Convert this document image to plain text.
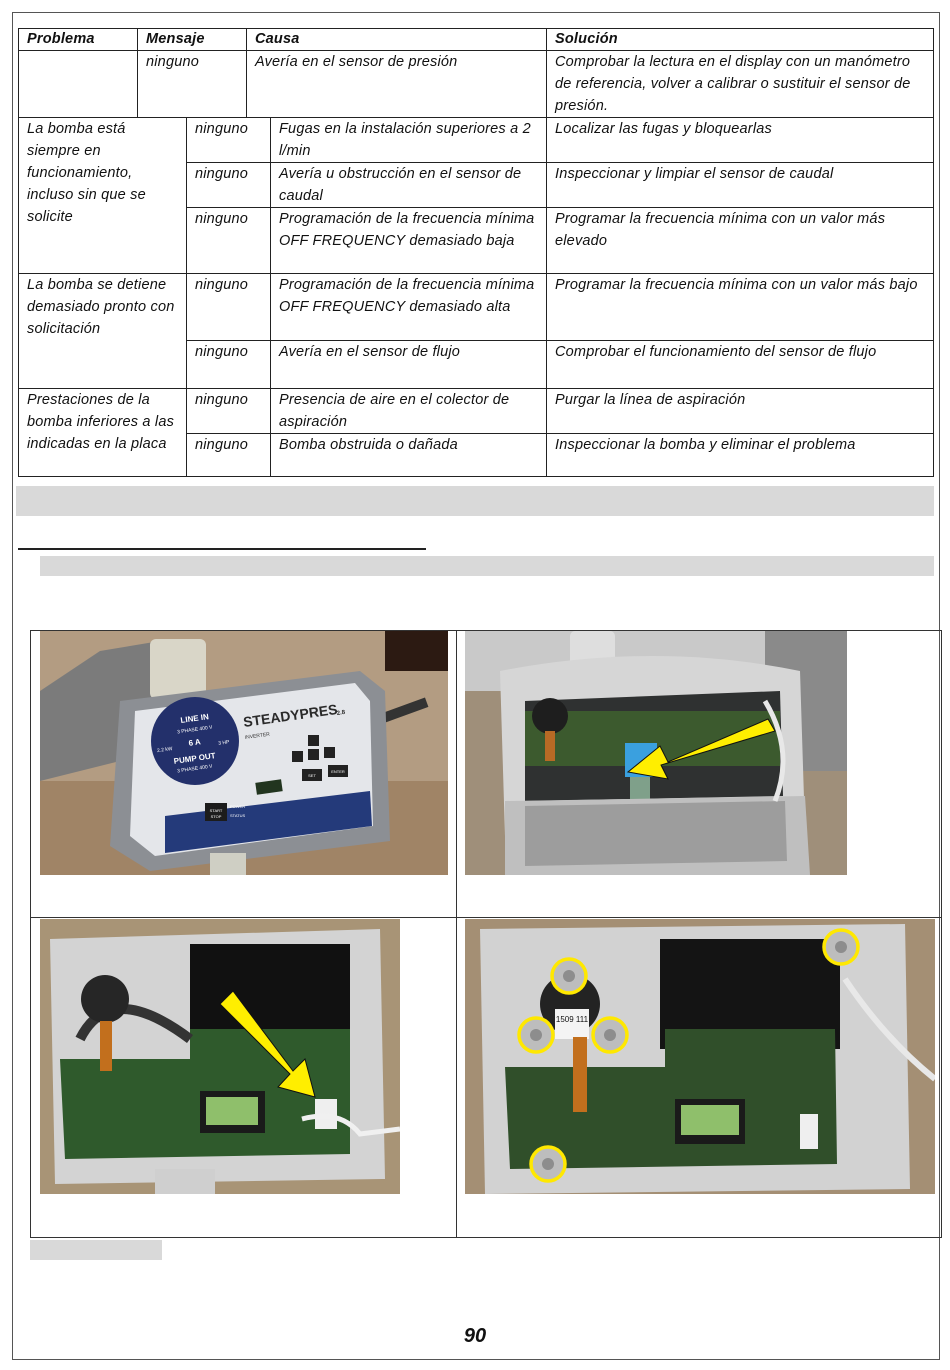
Problema	Mensaje		Causa		Solución
	ninguno		Avería en el sensor de presión		Comprobar la lectura en el display con un manómetro de referencia, volver a calibrar o sustituir el sensor de presión.
La bomba está siempre en funcionamiento, incluso sin que se solicite		ninguno		Fugas en la instalación superiores a 2 l/min	Localizar las fugas y bloquearlas
		ninguno		Avería u obstrucción en el sensor de caudal	Inspeccionar y limpiar el sensor de caudal
		ninguno		Programación de la frecuencia mínima OFF FREQUENCY demasiado baja	Programar la frecuencia mínima con un valor más elevado
La bomba se detiene demasiado pronto con solicitación		ninguno		Programación de la frecuencia mínima OFF FREQUENCY demasiado alta	Programar la frecuencia mínima con un valor más bajo
		ninguno		Avería en el sensor de flujo	Comprobar el funcionamiento del sensor de flujo
Prestaciones de la bomba inferiores a las indicadas en la placa		ninguno		Presencia de aire en el colector de aspiración	Purgar la línea de aspiración
		ninguno		Bomba obstruida o dañada	Inspeccionar la bomba y eliminar el problema
LINE IN
3 PHASE 400 V
6 A
2.2 kW
3 HP
PUMP OUT
3 PHASE 400 V
STEADYPRES
2.8
INVERTER
SET
ENTER
START
STOP
POWER
STATUS
1509 111
90
